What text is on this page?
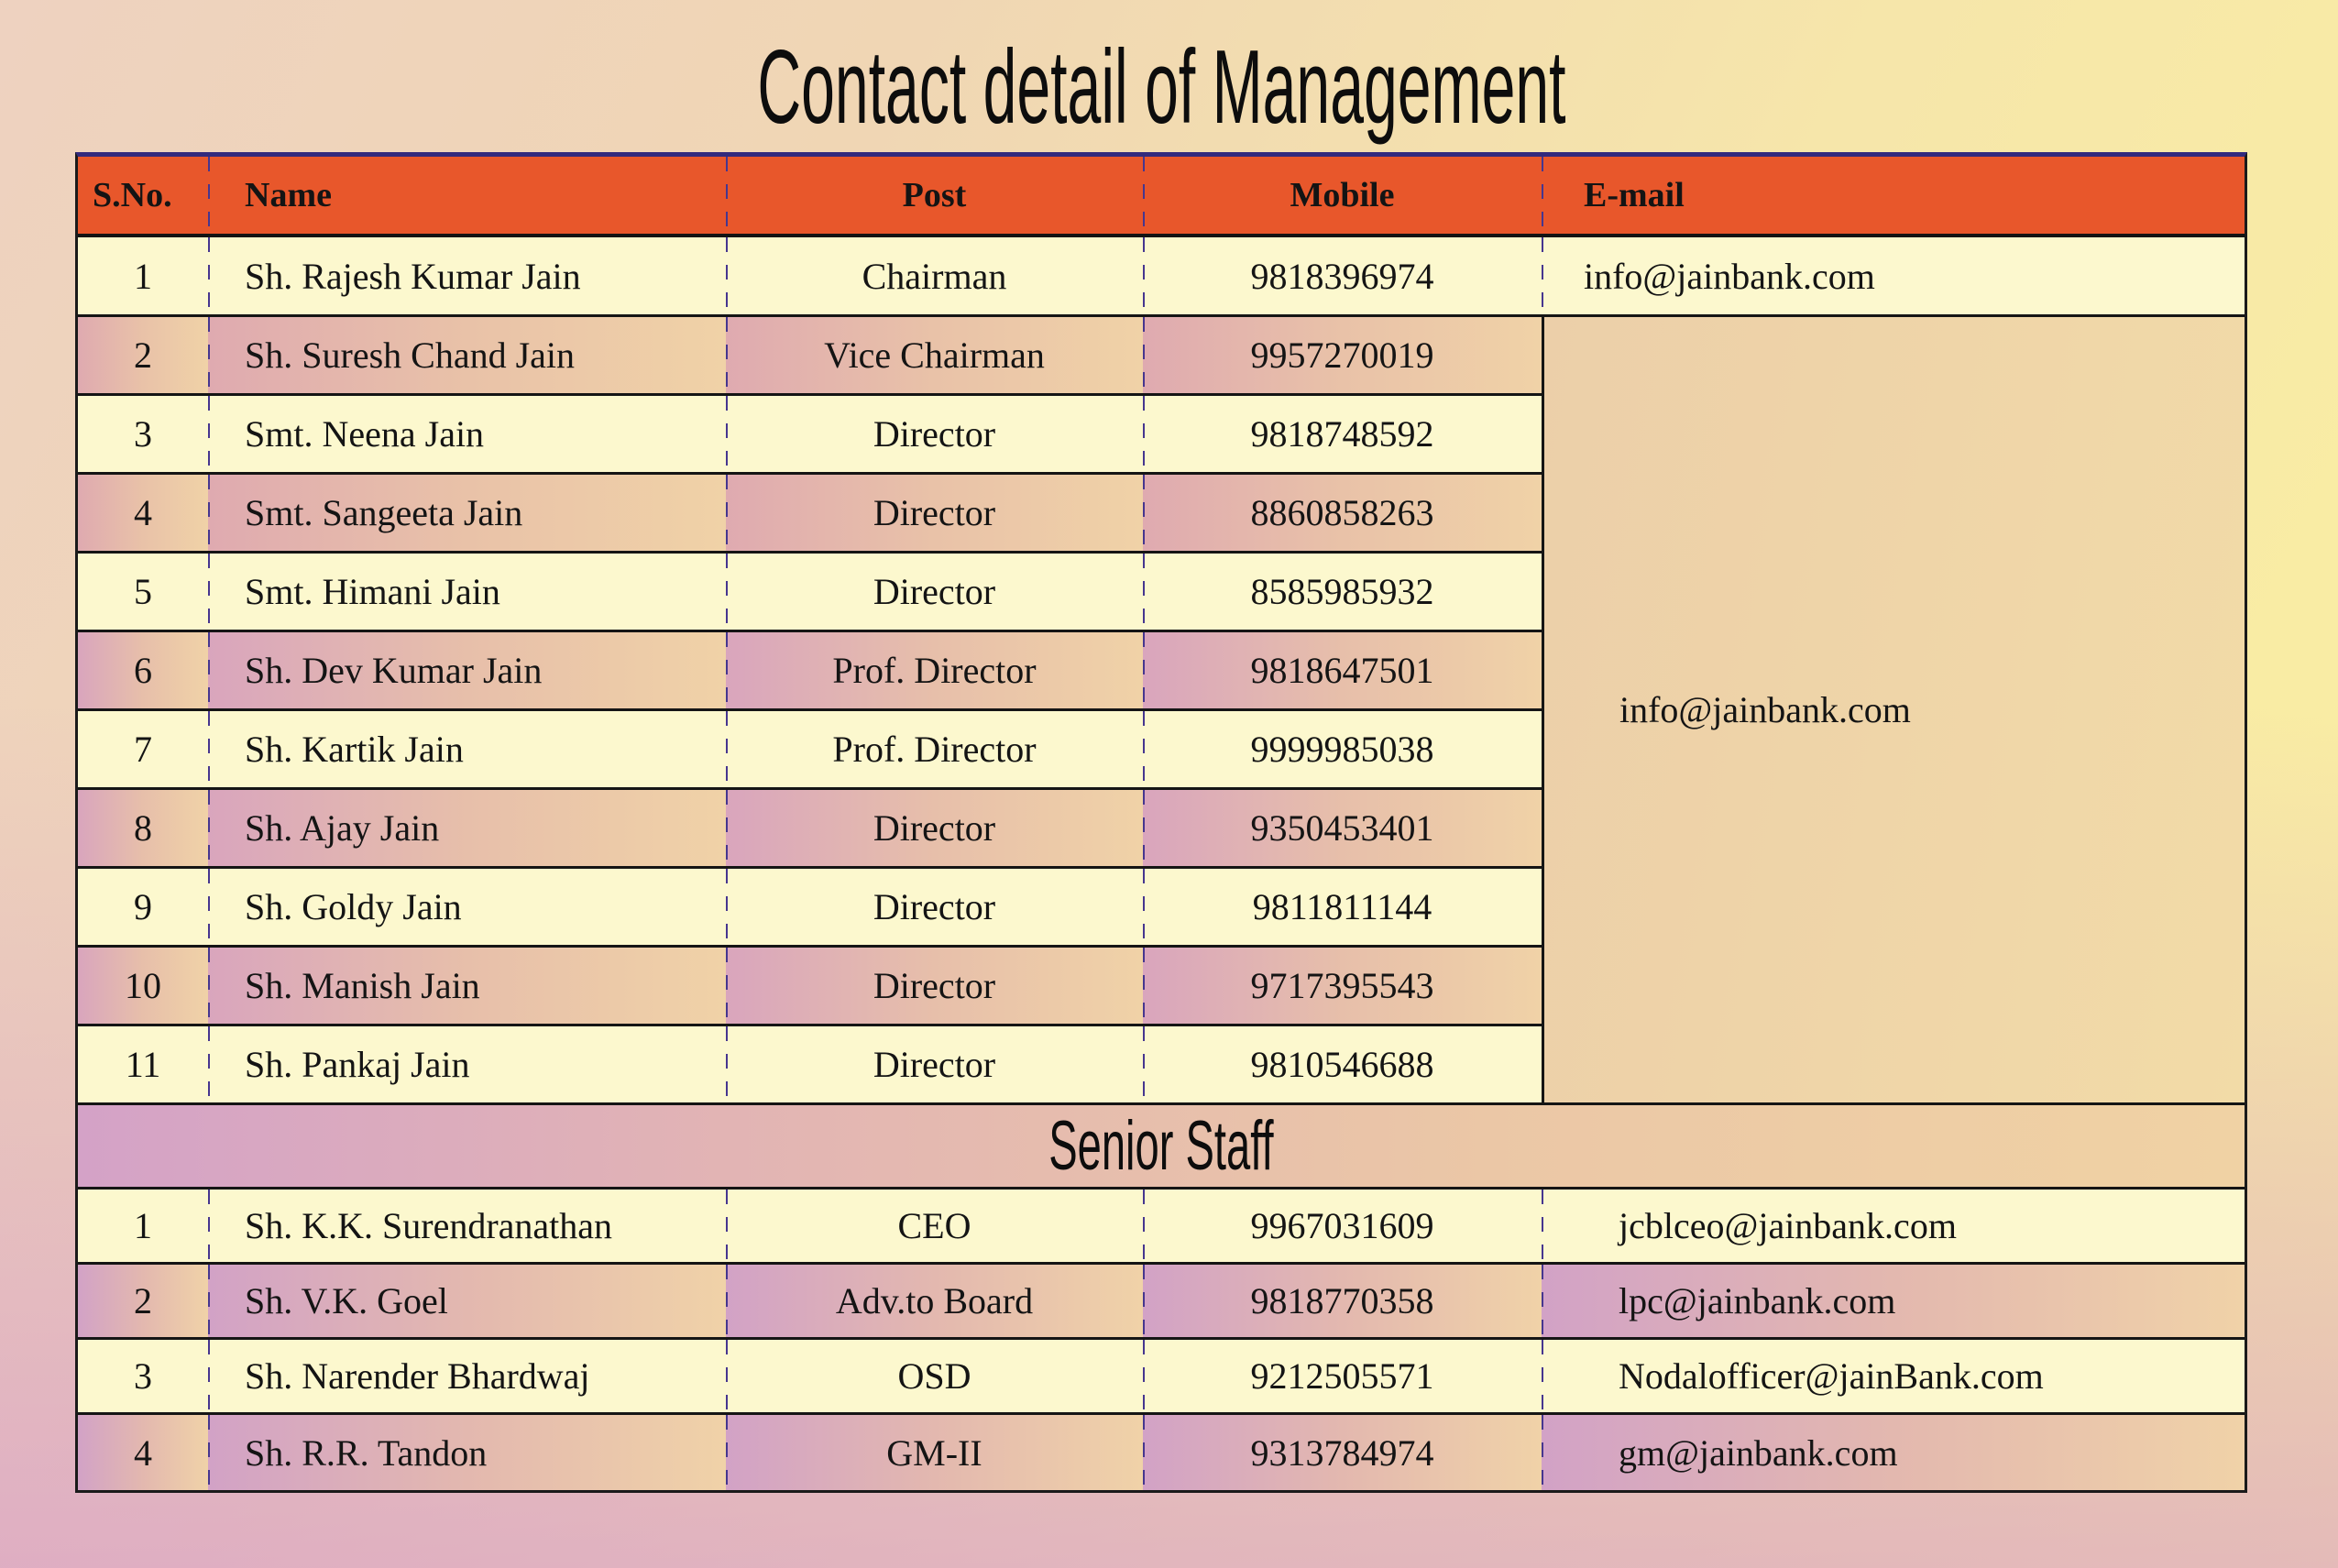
Contact detail of Management
S.No.	Name	Post	Mobile	E-mail
1	Sh. Rajesh Kumar Jain	Chairman	9818396974	info@jainbank.com
info@jainbank.com
2	Sh. Suresh Chand Jain	Vice Chairman	9957270019
3	Smt. Neena Jain	Director	9818748592
4	Smt. Sangeeta Jain	Director	8860858263
5	Smt. Himani Jain	Director	8585985932
6	Sh. Dev Kumar Jain	Prof. Director	9818647501
7	Sh. Kartik Jain	Prof. Director	9999985038
8	Sh. Ajay Jain	Director	9350453401
9	Sh. Goldy Jain	Director	9811811144
10	Sh. Manish Jain	Director	9717395543
11	Sh. Pankaj Jain	Director	9810546688
Senior Staff
1	Sh. K.K. Surendranathan	CEO	9967031609	jcblceo@jainbank.com
2	Sh. V.K. Goel	Adv.to Board	9818770358	lpc@jainbank.com
3	Sh. Narender Bhardwaj	OSD	9212505571	Nodalofficer@jainBank.com
4	Sh. R.R. Tandon	GM-II	9313784974	gm@jainbank.com
